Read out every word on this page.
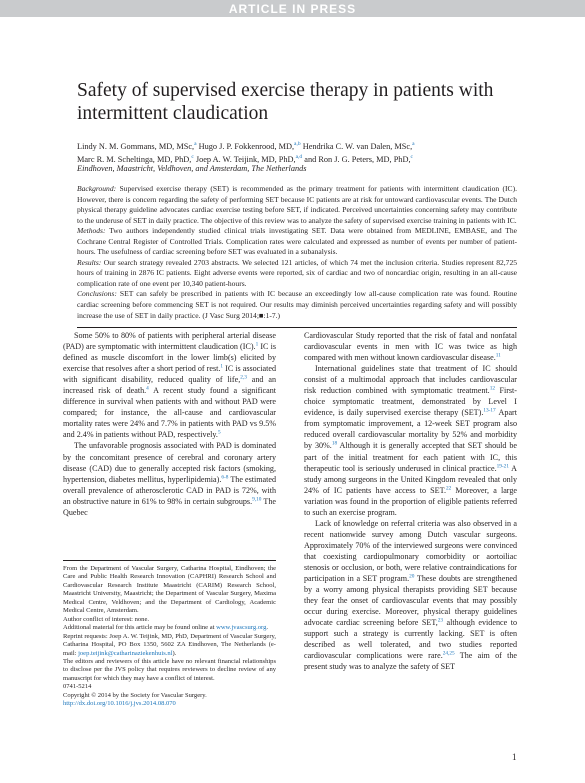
ARTICLE IN PRESS
Safety of supervised exercise therapy in patients with intermittent claudication
Lindy N. M. Gommans, MD, MSc,$^a$ Hugo J. P. Fokkenrood, MD,$^{a,b}$ Hendrika C. W. van Dalen, MSc,$^a$ Marc R. M. Scheltinga, MD, PhD,$^c$ Joep A. W. Teijink, MD, PhD,$^{a,d}$ and Ron J. G. Peters, MD, PhD,$^c$
Eindhoven, Maastricht, Veldhoven, and Amsterdam, The Netherlands

Background: Supervised exercise therapy (SET) is recommended as the primary treatment for patients with intermittent claudication (IC). However, there is concern regarding the safety of performing SET because IC patients are at risk for untoward cardiovascular events. The Dutch physical therapy guideline advocates cardiac exercise testing before SET, if indicated. Perceived uncertainties concerning safety may contribute to the underuse of SET in daily practice. The objective of this review was to analyze the safety of supervised exercise training in patients with IC.

Methods: Two authors independently studied clinical trials investigating SET. Data were obtained from MEDLINE, EMBASE, and The Cochrane Central Register of Controlled Trials. Complication rates were calculated and expressed as number of events per number of patient-hours. The usefulness of cardiac screening before SET was evaluated in a subanalysis.

Results: Our search strategy revealed 2703 abstracts. We selected 121 articles, of which 74 met the inclusion criteria. Studies represent 82,725 hours of training in 2876 IC patients. Eight adverse events were reported, six of cardiac and two of noncardiac origin, resulting in an all-cause complication rate of one event per 10,340 patient-hours.

Conclusions: SET can safely be prescribed in patients with IC because an exceedingly low all-cause complication rate was found. Routine cardiac screening before commencing SET is not required. Our results may diminish perceived uncertainties regarding safety and will possibly increase the use of SET in daily practice. (J Vasc Surg 2014;■:1-7.)

Some 50% to 80% of patients with peripheral arterial disease (PAD) are symptomatic with intermittent claudication (IC).$^1$ IC is defined as muscle discomfort in the lower limb(s) elicited by exercise that resolves after a short period of rest.$^1$ IC is associated with significant disability, reduced quality of life,$^{2,3}$ and an increased risk of death.$^4$ A recent study found a significant difference in survival when patients with and without PAD were compared; for instance, the all-cause and cardiovascular mortality rates were 24% and 7.7% in patients with PAD vs 9.5% and 2.4% in patients without PAD, respectively.$^5$

The unfavorable prognosis associated with PAD is dominated by the concomitant presence of cerebral and coronary artery disease (CAD) due to generally accepted risk factors (smoking, hypertension, diabetes mellitus, hyperlipidemia).$^{6-8}$ The estimated overall prevalence of atherosclerotic CAD in PAD is 72%, with an obstructive nature in 61% to 98% in certain subgroups.$^{9,10}$ The Quebec

From the Department of Vascular Surgery, Catharina Hospital, Eindhoven; the Care and Public Health Research Innovation (CAPHRI) Research School and Cardiovascular Research Institute Maastricht (CARIM) Research School, Maastricht University, Maastricht; the Department of Vascular Surgery, Maxima Medical Centre, Veldhoven; and the Department of Cardiology, Academic Medical Centre, Amsterdam.

Author conflict of interest: none.

Additional material for this article may be found online at www.jvascsurg.org.

Reprint requests: Joep A. W. Teijink, MD, PhD, Department of Vascular Surgery, Catharina Hospital, PO Box 1350, 5602 ZA Eindhoven, The Netherlands (e-mail: joep.teijink@catharinaziekenhuis.nl).

The editors and reviewers of this article have no relevant financial relationships to disclose per the JVS policy that requires reviewers to decline review of any manuscript for which they may have a conflict of interest.

0741-5214

Copyright © 2014 by the Society for Vascular Surgery.

http://dx.doi.org/10.1016/j.jvs.2014.08.070

Cardiovascular Study reported that the risk of fatal and nonfatal cardiovascular events in men with IC was twice as high compared with men without known cardiovascular disease.$^{11}$

International guidelines state that treatment of IC should consist of a multimodal approach that includes cardiovascular risk reduction combined with symptomatic treatment.$^{12}$ First-choice symptomatic treatment, demonstrated by Level I evidence, is daily supervised exercise therapy (SET).$^{13-17}$ Apart from symptomatic improvement, a 12-week SET program also reduced overall cardiovascular mortality by 52% and morbidity by 30%.$^{18}$ Although it is generally accepted that SET should be part of the initial treatment for each patient with IC, this therapeutic tool is seriously underused in clinical practice.$^{19-21}$ A study among surgeons in the United Kingdom revealed that only 24% of IC patients have access to SET.$^{22}$ Moreover, a large variation was found in the proportion of eligible patients referred to such an exercise program.

Lack of knowledge on referral criteria was also observed in a recent nationwide survey among Dutch vascular surgeons. Approximately 70% of the interviewed surgeons were convinced that coexisting cardiopulmonary comorbidity or aortoiliac stenosis or occlusion, or both, were relative contraindications for participation in a SET program.$^{20}$ These doubts are strengthened by a worry among physical therapists providing SET because they fear the onset of cardiovascular events that may possibly occur during exercise. Moreover, physical therapy guidelines advocate cardiac screening before SET,$^{23}$ although evidence to support such a strategy is currently lacking. SET is often described as well tolerated, and two studies reported cardiovascular complications were rare.$^{24,25}$ The aim of the present study was to analyze the safety of SET

1
